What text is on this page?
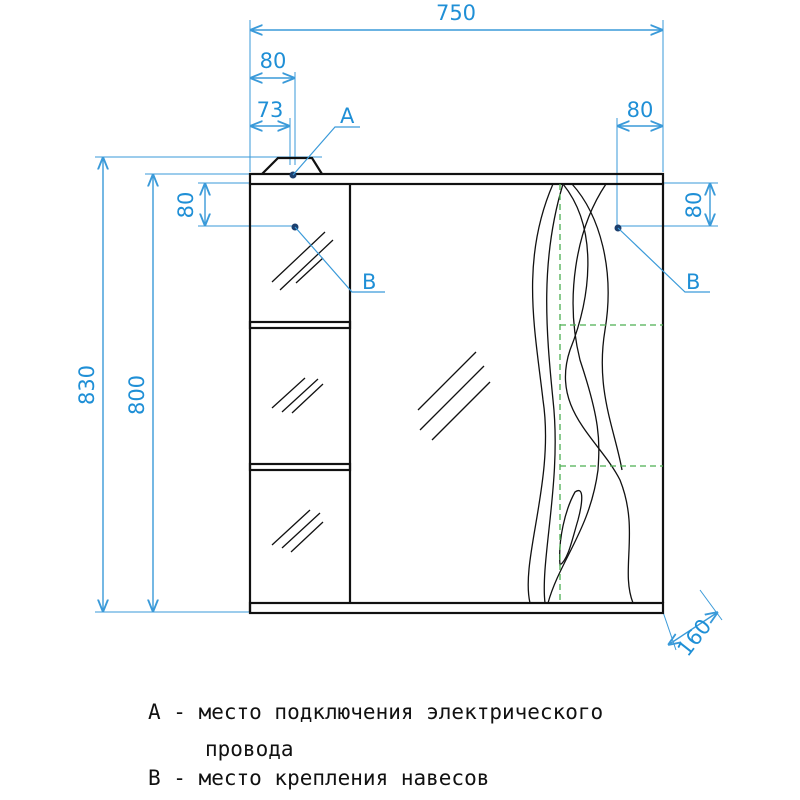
750
80
73	80
80	80
830 800
160
A
B	B
A - место подключения электрического
провода
B - место крепления навесов
